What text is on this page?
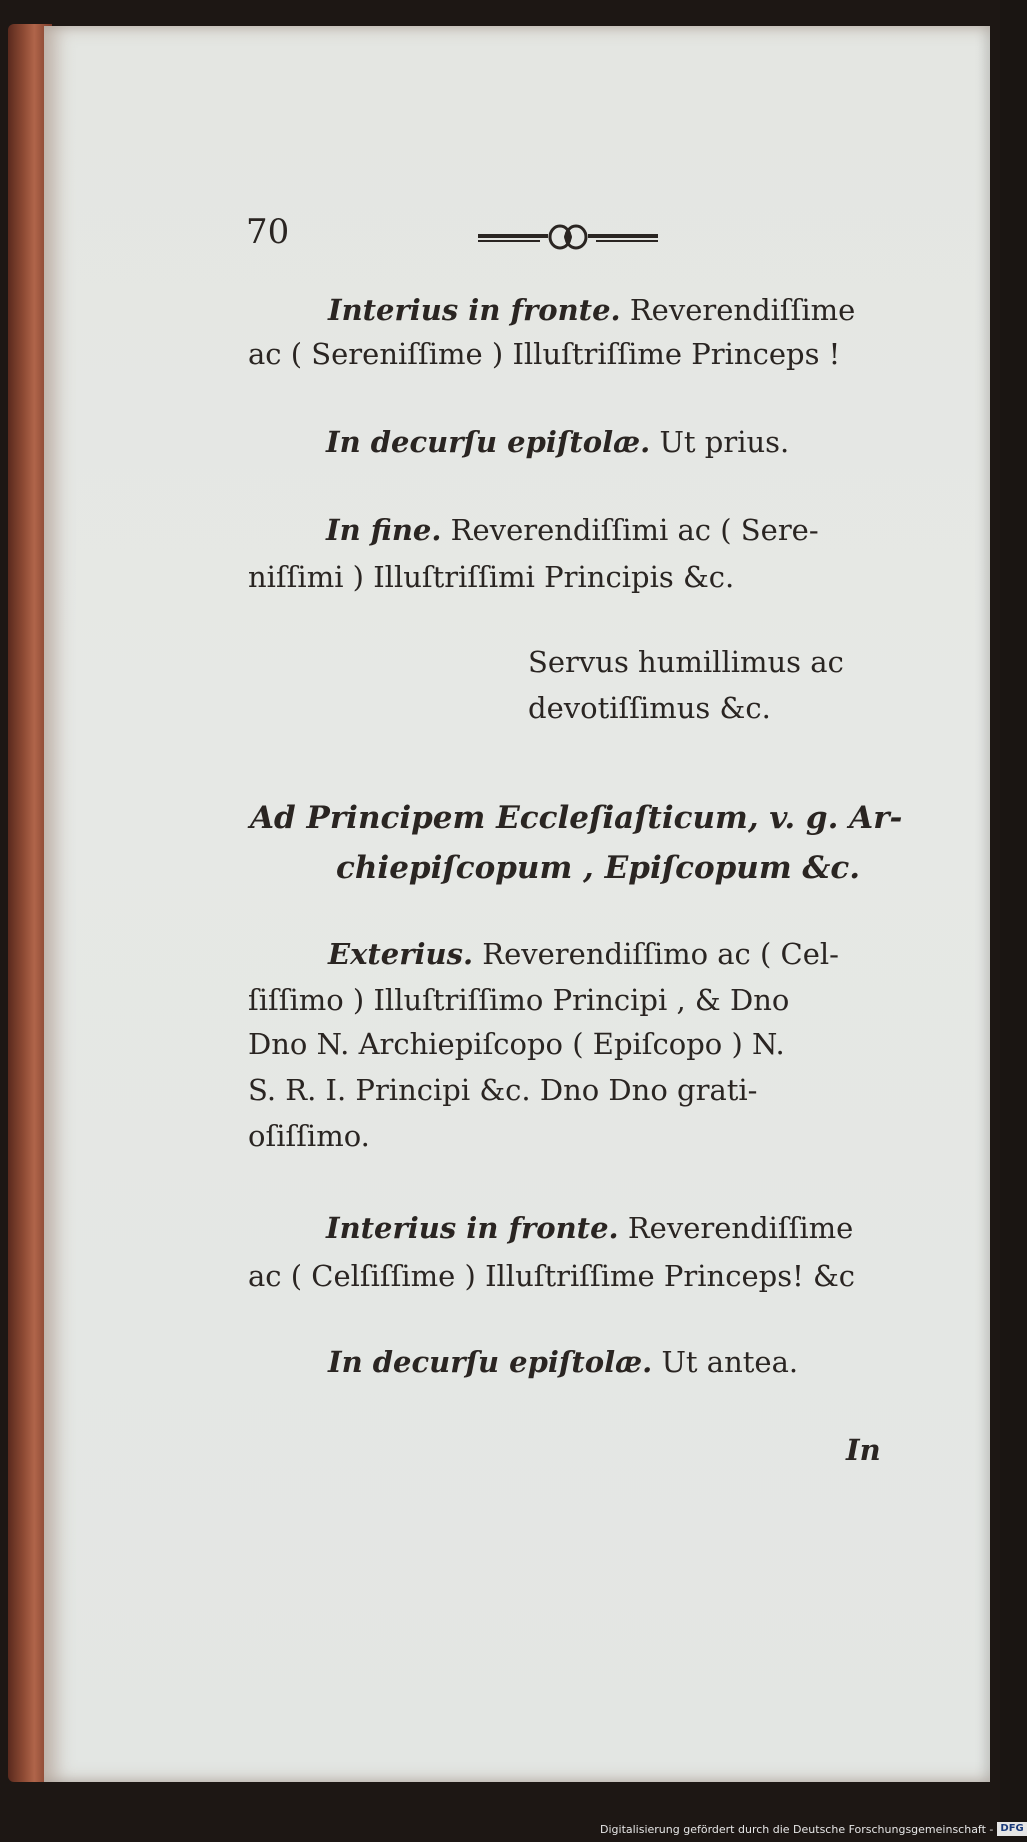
70
Interius in fronte. Reverendiſſime
ac ( Sereniſſime ) Illuſtriſſime Princeps !
In decurſu epiſtolæ. Ut prius.
In fine. Reverendiſſimi ac ( Sere-
niſſimi ) Illuſtriſſimi Principis &c.
Servus humillimus ac
devotiſſimus &c.
Ad Principem Eccleſiaſticum, v. g. Ar-
chiepiſcopum , Epiſcopum &c.
Exterius. Reverendiſſimo ac ( Cel-
ſiſſimo ) Illuſtriſſimo Principi , & Dno
Dno N. Archiepiſcopo ( Epiſcopo ) N.
S. R. I. Principi &c. Dno Dno grati-
oſiſſimo.
Interius in fronte. Reverendiſſime
ac ( Celſiſſime ) Illuſtriſſime Princeps! &c
In decurſu epiſtolæ. Ut antea.
In
Digitalisierung gefördert durch die Deutsche Forschungsgemeinschaft - DFG
